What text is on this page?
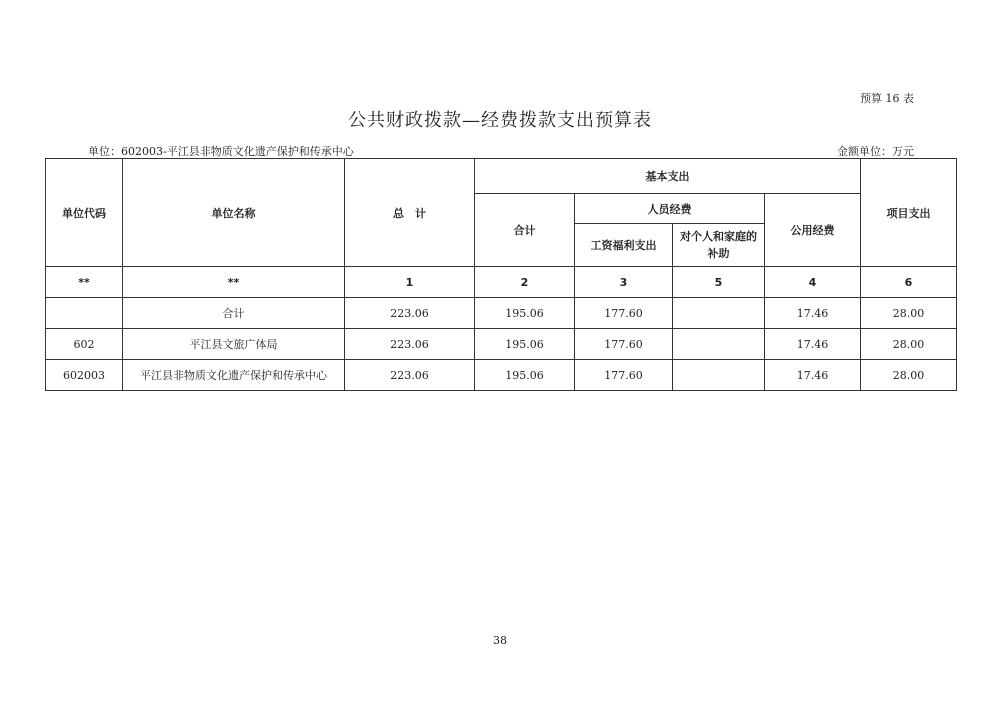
预算 16 表
公共财政拨款—经费拨款支出预算表
单位：602003-平江县非物质文化遗产保护和传承中心	金额单位：万元
单位代码	单位名称	总　计	基本支出				项目支出
			合计	人员经费		公用经费	
				工资福利支出	对个人和家庭的
补助		
**	**	1	2	3	5	4	6
	合计	223.06	195.06	177.60		17.46	28.00
602	平江县文旅广体局	223.06	195.06	177.60		17.46	28.00
602003	平江县非物质文化遗产保护和传承中心	223.06	195.06	177.60		17.46	28.00
38
